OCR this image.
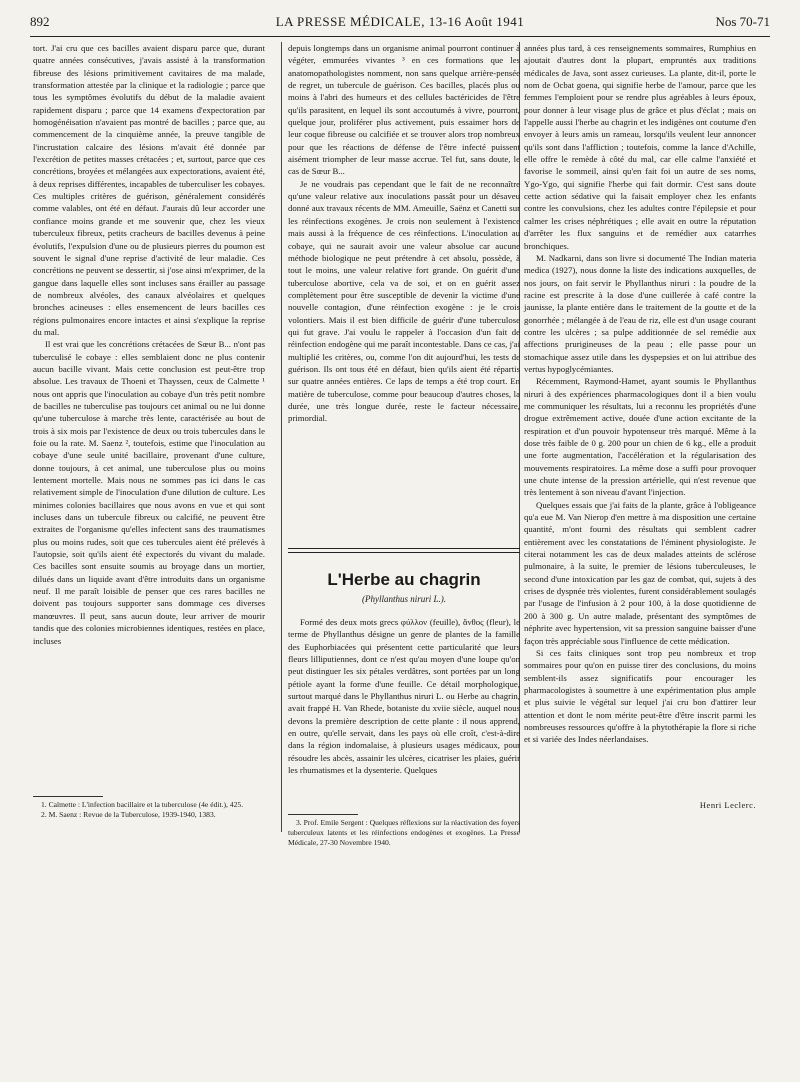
892	LA PRESSE MÉDICALE, 13-16 Août 1941	Nos 70-71

tort. J'ai cru que ces bacilles avaient disparu parce que, durant quatre années consécutives, j'avais assisté à la transformation fibreuse des lésions primitivement cavitaires de ma malade, transformation attestée par la clinique et la radiologie ; parce que tous les symptômes évolutifs du début de la maladie avaient rapidement disparu ; parce que 14 examens d'expectoration par homogénéisation n'avaient pas montré de bacilles ; parce que, au commencement de la cinquième année, la preuve tangible de l'incrustation calcaire des lésions m'avait été donnée par l'excrétion de petites masses crétacées ; et, surtout, parce que ces concrétions, broyées et mélangées aux expectorations, avaient été, à deux reprises différentes, incapables de tuberculiser les cobayes. Ces multiples critères de guérison, généralement considérés comme valables, ont été en défaut. J'aurais dû leur accorder une confiance moins grande et me souvenir que, chez les vieux tuberculeux fibreux, petits cracheurs de bacilles devenus à peine évolutifs, l'expulsion d'une ou de plusieurs pierres du poumon est souvent le signal d'une reprise d'activité de leur maladie. Ces concrétions ne peuvent se dessertir, si j'ose ainsi m'exprimer, de la gangue dans laquelle elles sont incluses sans érailler au passage de nombreux alvéoles, des canaux alvéolaires et quelques bronches acineuses : elles ensemencent de leurs bacilles ces régions pulmonaires encore intactes et ainsi s'explique la reprise du mal.

Il est vrai que les concrétions crétacées de Sœur B... n'ont pas tuberculisé le cobaye : elles semblaient donc ne plus contenir aucun bacille vivant. Mais cette conclusion est peut-être trop absolue. Les travaux de Thoeni et Thayssen, ceux de Calmette ¹ nous ont appris que l'inoculation au cobaye d'un très petit nombre de bacilles ne tuberculise pas toujours cet animal ou ne lui donne qu'une tuberculose à marche très lente, caractérisée au bout de trois à six mois par l'existence de deux ou trois tubercules dans le foie ou la rate. M. Saenz ², toutefois, estime que l'inoculation au cobaye d'une seule unité bacillaire, provenant d'une culture, donne toujours, à cet animal, une tuberculose plus ou moins lentement mortelle. Mais nous ne sommes pas ici dans le cas relativement simple de l'inoculation d'une dilution de culture. Les minimes colonies bacillaires que nous avons en vue et qui sont incluses dans un tubercule fibreux ou calcifié, ne peuvent être extraites de l'organisme qu'elles infectent sans des traumatismes plus ou moins rudes, soit que ces tubercules aient été prélevés à l'autopsie, soit qu'ils aient été expectorés du vivant du malade. Ces bacilles sont ensuite soumis au broyage dans un mortier, dilués dans un liquide avant d'être introduits dans un organisme neuf. Il me paraît loisible de penser que ces rares bacilles ne doivent pas toujours supporter sans dommage ces diverses manœuvres. Il peut, sans aucun doute, leur arriver de mourir tandis que des colonies microbiennes identiques, restées en place, incluses

1. Calmette : L'infection bacillaire et la tuberculose (4e édit.), 425.

2. M. Saenz : Revue de la Tuberculose, 1939-1940, 1383.

depuis longtemps dans un organisme animal pourront continuer à végéter, emmurées vivantes ³ en ces formations que les anatomopathologistes nomment, non sans quelque arrière-pensée de regret, un tubercule de guérison. Ces bacilles, placés plus ou moins à l'abri des humeurs et des cellules bactéricides de l'être qu'ils parasitent, en lequel ils sont accoutumés à vivre, pourront, quelque jour, proliférer plus activement, puis essaimer hors de leur coque fibreuse ou calcifiée et se trouver alors trop nombreux pour que les réactions de défense de l'être infecté puissent aisément triompher de leur masse accrue. Tel fut, sans doute, le cas de Sœur B...

Je ne voudrais pas cependant que le fait de ne reconnaître qu'une valeur relative aux inoculations passât pour un désaveu donné aux travaux récents de MM. Ameuille, Saënz et Canetti sur les réinfections exogènes. Je crois non seulement à l'existence mais aussi à la fréquence de ces réinfections. L'inoculation au cobaye, qui ne saurait avoir une valeur absolue car aucune méthode biologique ne peut prétendre à cet absolu, possède, à tout le moins, une valeur relative fort grande. On guérit d'une tuberculose abortive, cela va de soi, et on en guérit assez complètement pour être susceptible de devenir la victime d'une nouvelle contagion, d'une réinfection exogène : je le crois volontiers. Mais il est bien difficile de guérir d'une tuberculose qui fut grave. J'ai voulu le rappeler à l'occasion d'un fait de réinfection endogène qui me paraît incontestable. Dans ce cas, j'ai multiplié les critères, ou, comme l'on dit aujourd'hui, les tests de guérison. Ils ont tous été en défaut, bien qu'ils aient été répartis sur quatre années entières. Ce laps de temps a été trop court. En matière de tuberculose, comme pour beaucoup d'autres choses, la durée, une très longue durée, reste le facteur nécessaire, primordial.

L'Herbe au chagrin
(Phyllanthus niruri L.).

Formé des deux mots grecs φύλλον (feuille), ἄνθος (fleur), le terme de Phyllanthus désigne un genre de plantes de la famille des Euphorbiacées qui présentent cette particularité que leurs fleurs lilliputiennes, dont ce n'est qu'au moyen d'une loupe qu'on peut distinguer les six pétales verdâtres, sont portées par un long pétiole ayant la forme d'une feuille. Ce détail morphologique, surtout marqué dans le Phyllanthus niruri L. ou Herbe au chagrin, avait frappé H. Van Rhede, botaniste du xviie siècle, auquel nous devons la première description de cette plante : il nous apprend, en outre, qu'elle servait, dans les pays où elle croît, c'est-à-dire dans la région indomalaise, à plusieurs usages médicaux, pour résoudre les abcès, assainir les ulcères, cicatriser les plaies, guérir les rhumatismes et la dysenterie. Quelques

3. Prof. Emile Sergent : Quelques réflexions sur la réactivation des foyers tuberculeux latents et les réinfections endogènes et exogènes. La Presse Médicale, 27-30 Novembre 1940.

années plus tard, à ces renseignements sommaires, Rumphius en ajoutait d'autres dont la plupart, empruntés aux traditions médicales de Java, sont assez curieuses. La plante, dit-il, porte le nom de Ocbat goena, qui signifie herbe de l'amour, parce que les femmes l'emploient pour se rendre plus agréables à leurs époux, pour donner à leur visage plus de grâce et plus d'éclat ; mais on l'appelle aussi l'herbe au chagrin et les indigènes ont coutume d'en envoyer à leurs amis un rameau, lorsqu'ils veulent leur annoncer qu'ils sont dans l'affliction ; toutefois, comme la lance d'Achille, elle offre le remède à côté du mal, car elle calme l'anxiété et favorise le sommeil, ainsi qu'en fait foi un autre de ses noms, Ygo-Ygo, qui signifie l'herbe qui fait dormir. C'est sans doute cette action sédative qui la faisait employer chez les enfants contre les convulsions, chez les adultes contre l'épilepsie et pour calmer les crises néphrétiques ; elle avait en outre la réputation d'arrêter les flux sanguins et de remédier aux catarrhes bronchiques.

M. Nadkarni, dans son livre si documenté The Indian materia medica (1927), nous donne la liste des indications auxquelles, de nos jours, on fait servir le Phyllanthus niruri : la poudre de la racine est prescrite à la dose d'une cuillerée à café contre la jaunisse, la plante entière dans le traitement de la goutte et de la gonorrhée ; mélangée à de l'eau de riz, elle est d'un usage courant contre les ulcères ; sa pulpe additionnée de sel remédie aux affections prurigineuses de la peau ; elle passe pour un stomachique assez utile dans les dyspepsies et on lui attribue des vertus hypoglycémiantes.

Récemment, Raymond-Hamet, ayant soumis le Phyllanthus niruri à des expériences pharmacologiques dont il a bien voulu me communiquer les résultats, lui a reconnu les propriétés d'une drogue extrêmement active, douée d'une action excitante de la respiration et d'un pouvoir hypotenseur très marqué. Même à la dose très faible de 0 g. 200 pour un chien de 6 kg., elle a produit une forte augmentation, l'accélération et la régularisation des mouvements respiratoires. La même dose a suffi pour provoquer une chute intense de la pression artérielle, qui n'est revenue que très lentement à son niveau d'avant l'injection.

Quelques essais que j'ai faits de la plante, grâce à l'obligeance qu'a eue M. Van Nierop d'en mettre à ma disposition une certaine quantité, m'ont fourni des résultats qui semblent cadrer entièrement avec les constatations de l'éminent physiologiste. Je citerai notamment les cas de deux malades atteints de sclérose pulmonaire, à la suite, le premier de lésions tuberculeuses, le second d'une intoxication par les gaz de combat, qui, sujets à des crises de dyspnée très violentes, furent considérablement soulagés par l'usage de l'infusion à 2 pour 100, à la dose quotidienne de 200 à 300 g. Un autre malade, présentant des symptômes de néphrite avec hypertension, vit sa pression sanguine baisser d'une façon très appréciable sous l'influence de cette médication.

Si ces faits cliniques sont trop peu nombreux et trop sommaires pour qu'on en puisse tirer des conclusions, du moins semblent-ils assez significatifs pour encourager les pharmacologistes à soumettre à une expérimentation plus ample et plus suivie le végétal sur lequel j'ai cru bon d'attirer leur attention et dont le nom mérite peut-être d'être inscrit parmi les nombreuses ressources qu'offre à la phytothérapie la flore si riche et si variée des Indes néerlandaises.

Henri Leclerc.
